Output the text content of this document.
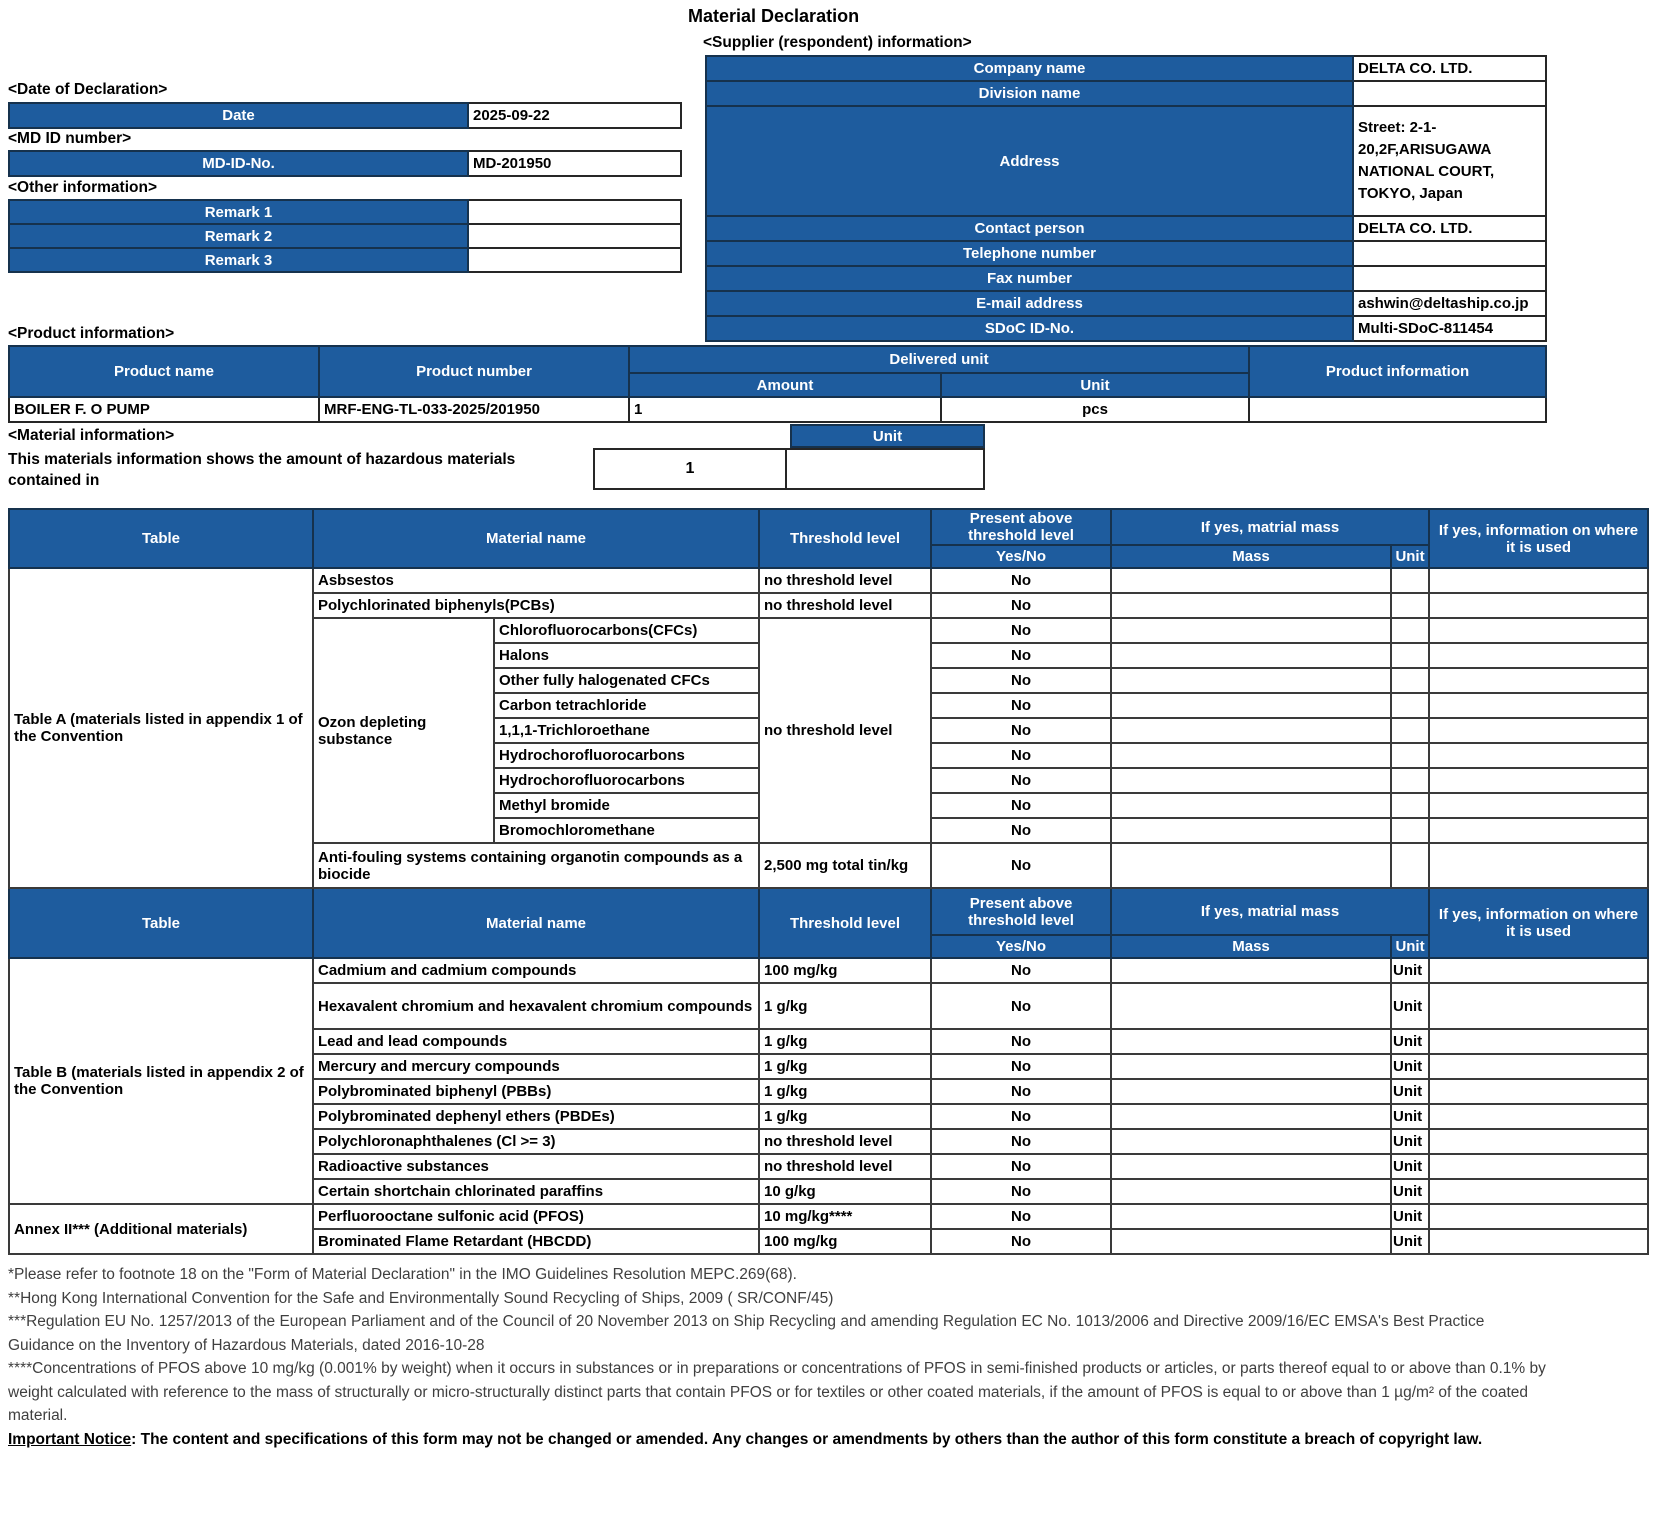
Material Declaration
<Supplier (respondent) information>
Company name	DELTA CO. LTD.
Division name	
Address	Street: 2-1-20,2F,ARISUGAWA NATIONAL COURT, TOKYO, Japan
Contact person	DELTA CO. LTD.
Telephone number	
Fax number	
E-mail address	ashwin@deltaship.co.jp
SDoC ID-No.	Multi-SDoC-811454
<Date of Declaration>
Date	2025-09-22
<MD ID number>
MD-ID-No.	MD-201950
<Other information>
Remark 1	
Remark 2	
Remark 3	
<Product information>
Product name	Product number	Delivered unit		Product information
		Amount	Unit	
BOILER F. O PUMP	MRF-ENG-TL-033-2025/201950	1	pcs	
<Material information>
This materials information shows the amount of hazardous materials contained in
Unit
1
Table	Material name		Threshold level	Present above threshold level	If yes, matrial mass		If yes, information on where it is used
				Yes/No	Mass	Unit	
Table A (materials listed in appendix 1 of the Convention	Asbsestos		no threshold level	No			
	Polychlorinated biphenyls(PCBs)		no threshold level	No			
	Ozon depleting substance	Chlorofluorocarbons(CFCs)	no threshold level	No			
		Halons		No			
		Other fully halogenated CFCs		No			
		Carbon tetrachloride		No			
		1,1,1-Trichloroethane		No			
		Hydrochorofluorocarbons		No			
		Hydrochorofluorocarbons		No			
		Methyl bromide		No			
		Bromochloromethane		No			
	Anti-fouling systems containing organotin compounds as a biocide		2,500 mg total tin/kg	No			
Table	Material name		Threshold level	Present above threshold level	If yes, matrial mass		If yes, information on where it is used
				Yes/No	Mass	Unit	
Table B (materials listed in appendix 2 of the Convention	Cadmium and cadmium compounds		100 mg/kg	No		Unit	
	Hexavalent chromium and hexavalent chromium compounds		1 g/kg	No		Unit	
	Lead and lead compounds		1 g/kg	No		Unit	
	Mercury and mercury compounds		1 g/kg	No		Unit	
	Polybrominated biphenyl (PBBs)		1 g/kg	No		Unit	
	Polybrominated dephenyl ethers (PBDEs)		1 g/kg	No		Unit	
	Polychloronaphthalenes (Cl >= 3)		no threshold level	No		Unit	
	Radioactive substances		no threshold level	No		Unit	
	Certain shortchain chlorinated paraffins		10 g/kg	No		Unit	
Annex II*** (Additional materials)	Perfluorooctane sulfonic acid (PFOS)		10 mg/kg****	No		Unit	
	Brominated Flame Retardant (HBCDD)		100 mg/kg	No		Unit	
*Please refer to footnote 18 on the "Form of Material Declaration" in the IMO Guidelines Resolution MEPC.269(68).
**Hong Kong International Convention for the Safe and Environmentally Sound Recycling of Ships, 2009 ( SR/CONF/45)
***Regulation EU No. 1257/2013 of the European Parliament and of the Council of 20 November 2013 on Ship Recycling and amending Regulation EC No. 1013/2006 and Directive 2009/16/EC EMSA's Best Practice Guidance on the Inventory of Hazardous Materials, dated 2016-10-28
****Concentrations of PFOS above 10 mg/kg (0.001% by weight) when it occurs in substances or in preparations or concentrations of PFOS in semi-finished products or articles, or parts thereof equal to or above than 0.1% by weight calculated with reference to the mass of structurally or micro-structurally distinct parts that contain PFOS or for textiles or other coated materials, if the amount of PFOS is equal to or above than 1 µg/m² of the coated material.
Important Notice: The content and specifications of this form may not be changed or amended. Any changes or amendments by others than the author of this form constitute a breach of copyright law.
